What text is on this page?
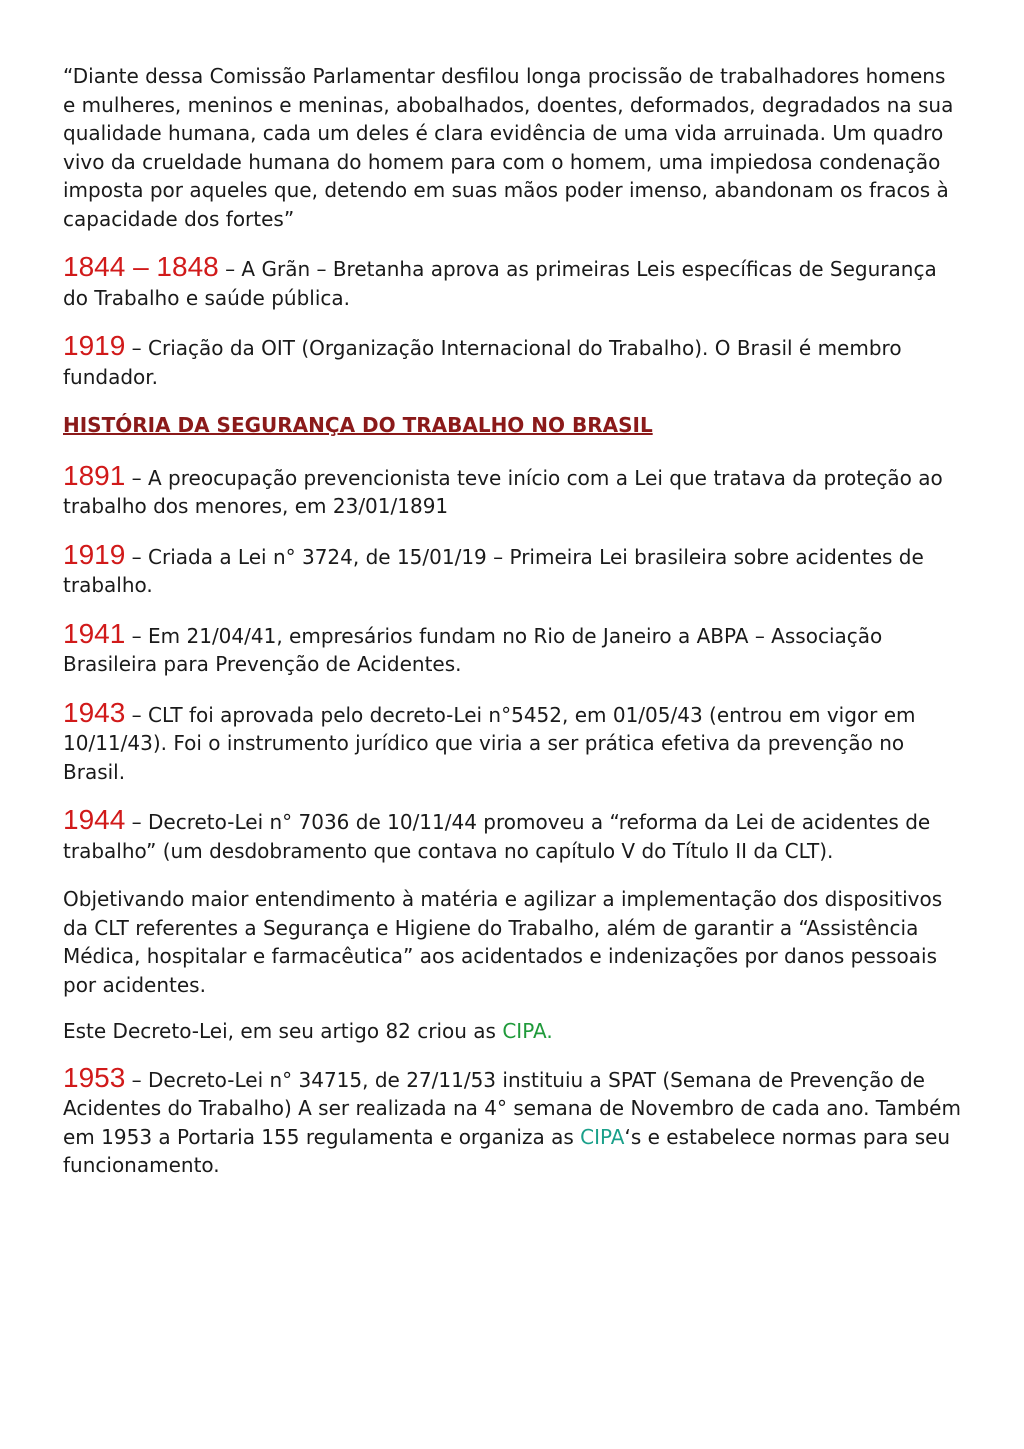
“Diante dessa Comissão Parlamentar desfilou longa procissão de trabalhadores homens e mulheres, meninos e meninas, abobalhados, doentes, deformados, degradados na sua qualidade humana, cada um deles é clara evidência de uma vida arruinada. Um quadro vivo da crueldade humana do homem para com o homem, uma impiedosa condenação imposta por aqueles que, detendo em suas mãos poder imenso, abandonam os fracos à capacidade dos fortes”

1844 – 1848 – A Grãn – Bretanha aprova as primeiras Leis específicas de Segurança do Trabalho e saúde pública.

1919 – Criação da OIT (Organização Internacional do Trabalho). O Brasil é membro fundador.

HISTÓRIA DA SEGURANÇA DO TRABALHO NO BRASIL

1891 – A preocupação prevencionista teve início com a Lei que tratava da proteção ao trabalho dos menores, em 23/01/1891

1919 – Criada a Lei n° 3724, de 15/01/19 – Primeira Lei brasileira sobre acidentes de trabalho.

1941 – Em 21/04/41, empresários fundam no Rio de Janeiro a ABPA – Associação Brasileira para Prevenção de Acidentes.

1943 – CLT foi aprovada pelo decreto-Lei n°5452, em 01/05/43 (entrou em vigor em 10/11/43). Foi o instrumento jurídico que viria a ser prática efetiva da prevenção no Brasil.

1944 – Decreto-Lei n° 7036 de 10/11/44 promoveu a “reforma da Lei de acidentes de trabalho” (um desdobramento que contava no capítulo V do Título II da CLT).

Objetivando maior entendimento à matéria e agilizar a implementação dos dispositivos da CLT referentes a Segurança e Higiene do Trabalho, além de garantir a “Assistência Médica, hospitalar e farmacêutica” aos acidentados e indenizações por danos pessoais por acidentes.

Este Decreto-Lei, em seu artigo 82 criou as CIPA.

1953 – Decreto-Lei n° 34715, de 27/11/53 instituiu a SPAT (Semana de Prevenção de Acidentes do Trabalho) A ser realizada na 4° semana de Novembro de cada ano. Também em 1953 a Portaria 155 regulamenta e organiza as CIPA‘s e estabelece normas para seu funcionamento.
